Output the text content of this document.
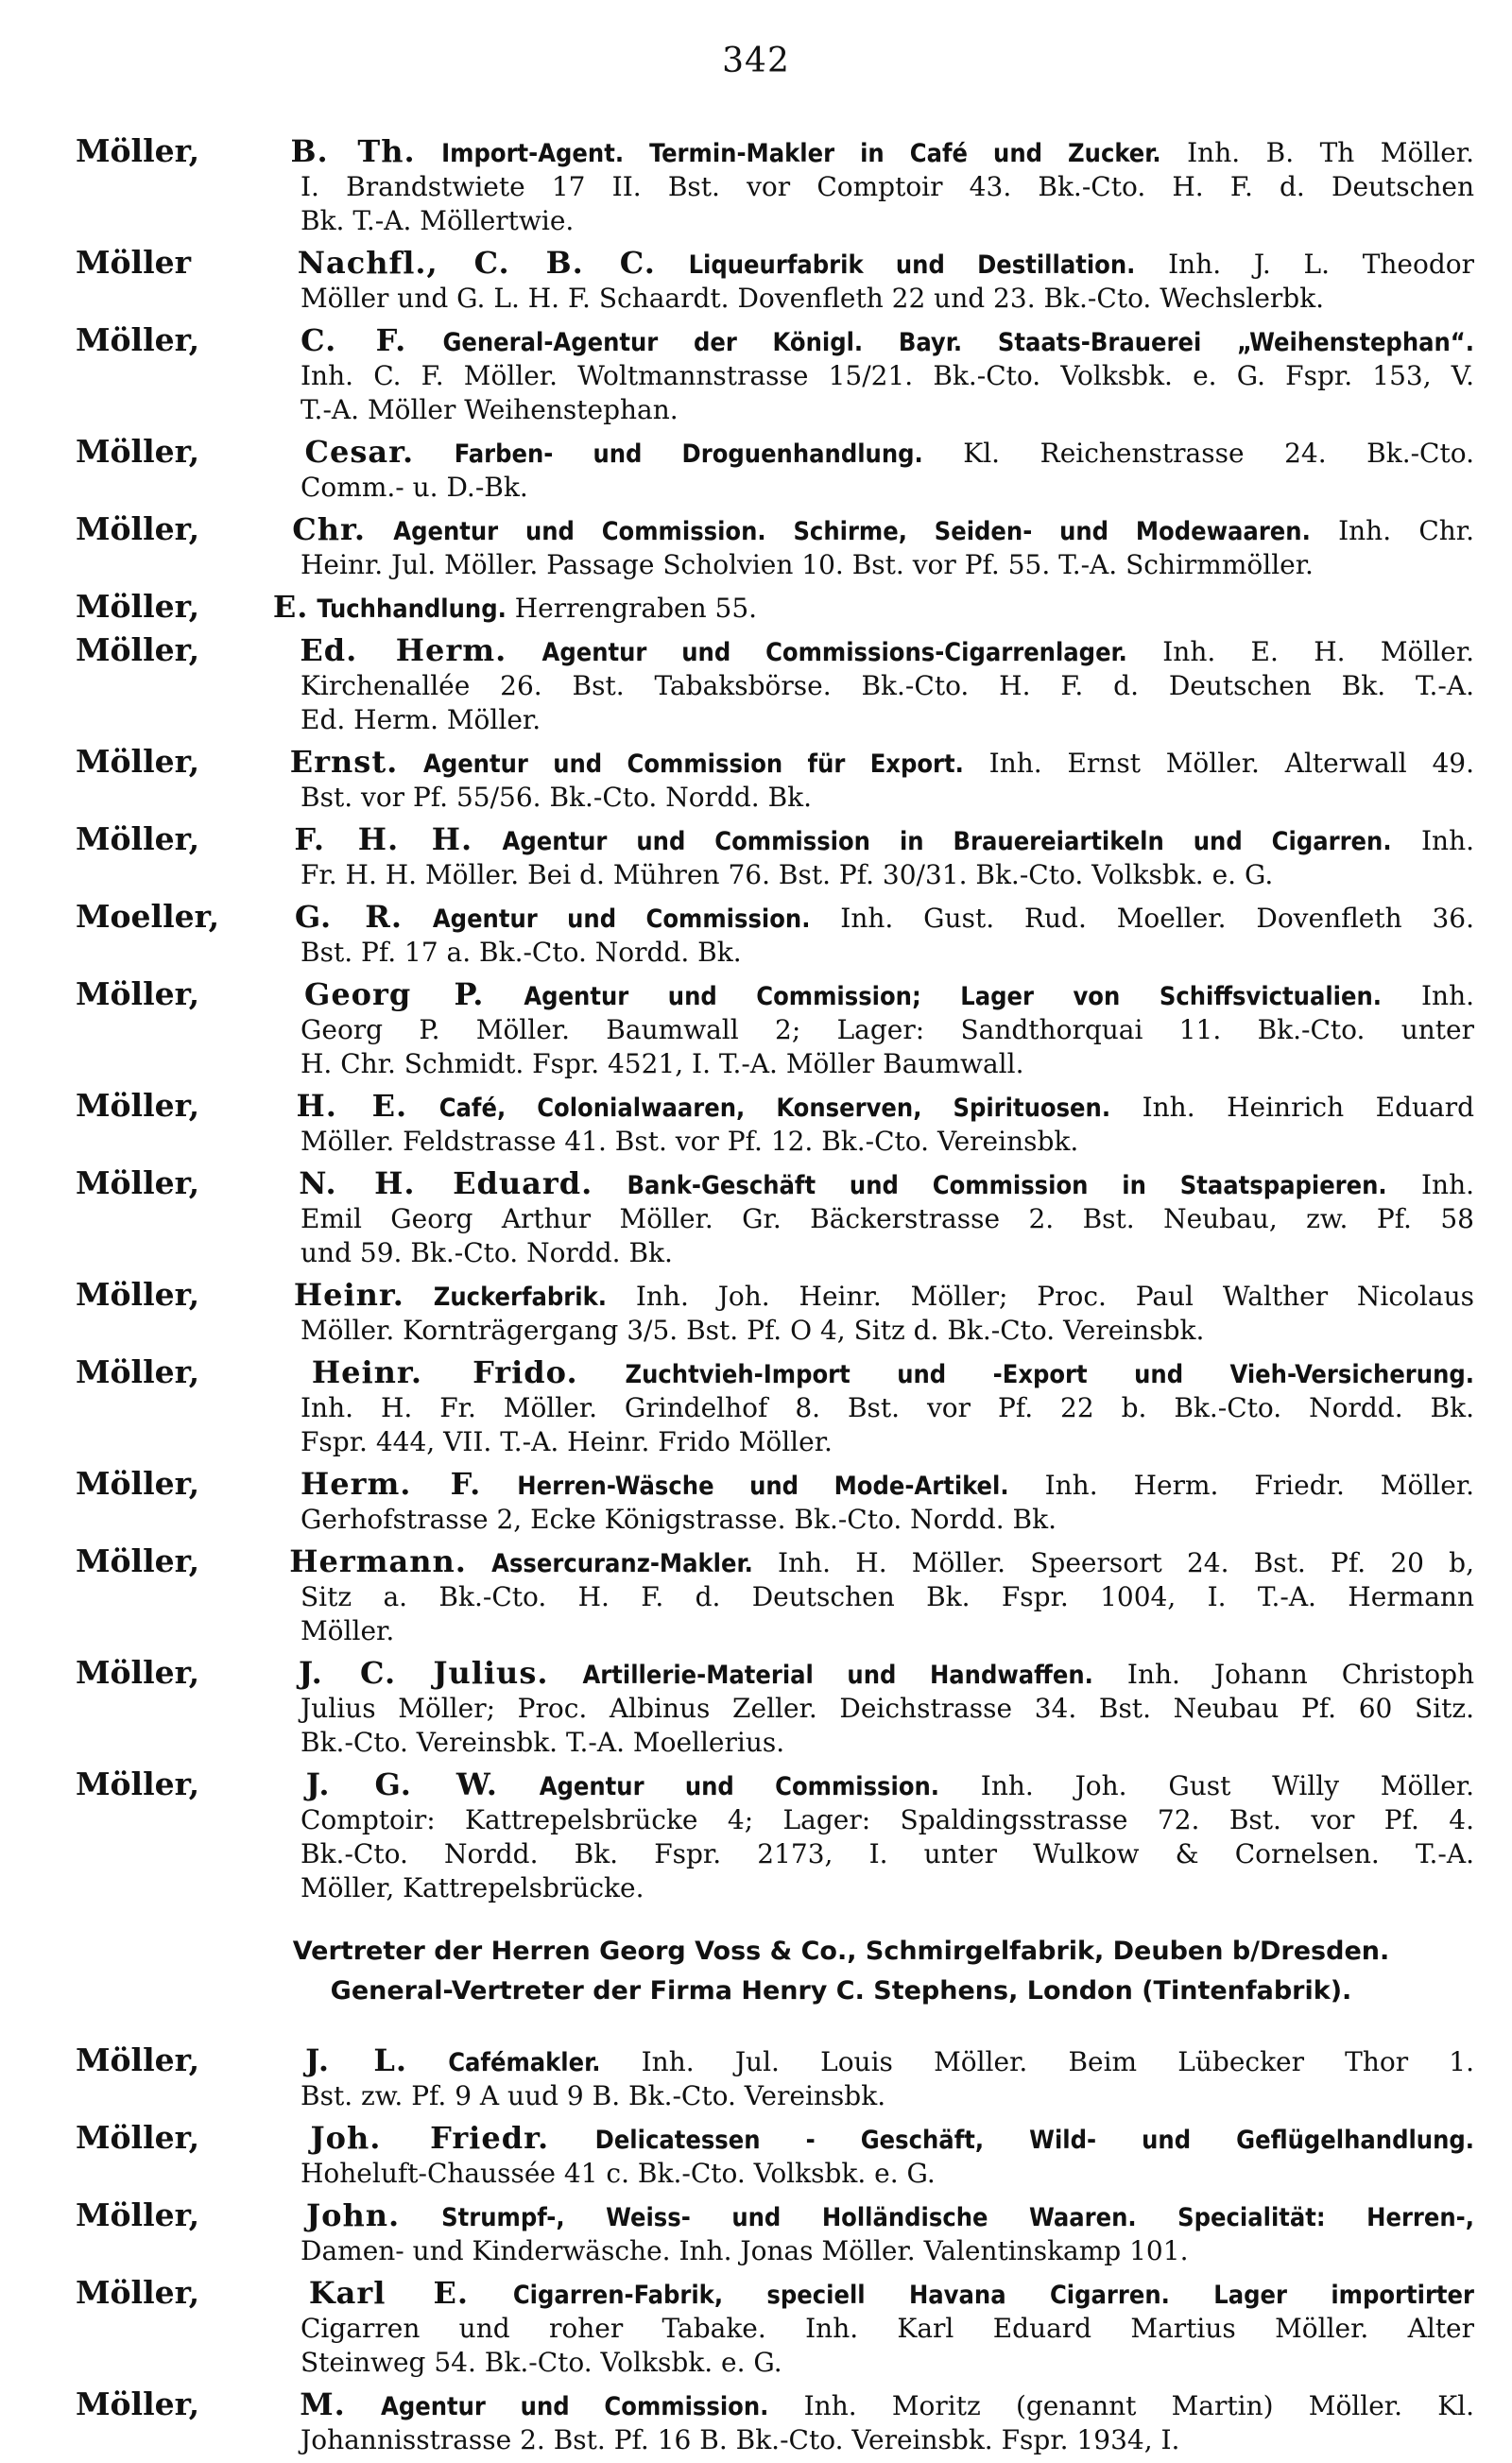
342
Möller,	B. Th. Import-Agent. Termin-Makler in Café und Zucker. Inh. B. Th Möller.
I. Brandstwiete 17 II. Bst. vor Comptoir 43. Bk.-Cto. H. F. d. Deutschen
Bk. T.-A. Möllertwie.
Möller	Nachfl., C. B. C. Liqueurfabrik und Destillation. Inh. J. L. Theodor
Möller und G. L. H. F. Schaardt. Dovenfleth 22 und 23. Bk.-Cto. Wechslerbk.
Möller,	C. F. General-Agentur der Königl. Bayr. Staats-Brauerei „Weihenstephan“.
Inh. C. F. Möller. Woltmannstrasse 15/21. Bk.-Cto. Volksbk. e. G. Fspr. 153, V.
T.-A. Möller Weihenstephan.
Möller,	Cesar. Farben- und Droguenhandlung. Kl. Reichenstrasse 24. Bk.-Cto.
Comm.- u. D.-Bk.
Möller,	Chr. Agentur und Commission. Schirme, Seiden- und Modewaaren. Inh. Chr.
Heinr. Jul. Möller. Passage Scholvien 10. Bst. vor Pf. 55. T.-A. Schirmmöller.
Möller, E. Tuchhandlung. Herrengraben 55.
Möller,	Ed. Herm. Agentur und Commissions-Cigarrenlager. Inh. E. H. Möller.
Kirchenallée 26. Bst. Tabaksbörse. Bk.-Cto. H. F. d. Deutschen Bk. T.-A.
Ed. Herm. Möller.
Möller,	Ernst. Agentur und Commission für Export. Inh. Ernst Möller. Alterwall 49.
Bst. vor Pf. 55/56. Bk.-Cto. Nordd. Bk.
Möller,	F. H. H. Agentur und Commission in Brauereiartikeln und Cigarren. Inh.
Fr. H. H. Möller. Bei d. Mühren 76. Bst. Pf. 30/31. Bk.-Cto. Volksbk. e. G.
Moeller, G. R. Agentur und Commission. Inh. Gust. Rud. Moeller. Dovenfleth 36.
Bst. Pf. 17 a. Bk.-Cto. Nordd. Bk.
Möller,	Georg P. Agentur und Commission; Lager von Schiffsvictualien. Inh.
Georg P. Möller. Baumwall 2; Lager: Sandthorquai 11. Bk.-Cto. unter
H. Chr. Schmidt. Fspr. 4521, I. T.-A. Möller Baumwall.
Möller,	H. E. Café, Colonialwaaren, Konserven, Spirituosen. Inh. Heinrich Eduard
Möller. Feldstrasse 41. Bst. vor Pf. 12. Bk.-Cto. Vereinsbk.
Möller,	N. H. Eduard. Bank-Geschäft und Commission in Staatspapieren. Inh.
Emil Georg Arthur Möller. Gr. Bäckerstrasse 2. Bst. Neubau, zw. Pf. 58
und 59. Bk.-Cto. Nordd. Bk.
Möller,	Heinr. Zuckerfabrik. Inh. Joh. Heinr. Möller; Proc. Paul Walther Nicolaus
Möller. Kornträgergang 3/5. Bst. Pf. O 4, Sitz d. Bk.-Cto. Vereinsbk.
Möller,	Heinr. Frido. Zuchtvieh-Import und -Export und Vieh-Versicherung.
Inh. H. Fr. Möller. Grindelhof 8. Bst. vor Pf. 22 b. Bk.-Cto. Nordd. Bk.
Fspr. 444, VII. T.-A. Heinr. Frido Möller.
Möller,	Herm. F. Herren-Wäsche und Mode-Artikel. Inh. Herm. Friedr. Möller.
Gerhofstrasse 2, Ecke Königstrasse. Bk.-Cto. Nordd. Bk.
Möller,	Hermann. Assercuranz-Makler. Inh. H. Möller. Speersort 24. Bst. Pf. 20 b,
Sitz a. Bk.-Cto. H. F. d. Deutschen Bk. Fspr. 1004, I. T.-A. Hermann
Möller.
Möller,	J. C. Julius. Artillerie-Material und Handwaffen. Inh. Johann Christoph
Julius Möller; Proc. Albinus Zeller. Deichstrasse 34. Bst. Neubau Pf. 60 Sitz.
Bk.-Cto. Vereinsbk. T.-A. Moellerius.
Möller,	J. G. W. Agentur und Commission. Inh. Joh. Gust Willy Möller.
Comptoir: Kattrepelsbrücke 4; Lager: Spaldingsstrasse 72. Bst. vor Pf. 4.
Bk.-Cto. Nordd. Bk. Fspr. 2173, I. unter Wulkow & Cornelsen. T.-A.
Möller, Kattrepelsbrücke.
Vertreter der Herren Georg Voss & Co., Schmirgelfabrik, Deuben b/Dresden.
General-Vertreter der Firma Henry C. Stephens, London (Tintenfabrik).
Möller,	J. L. Cafémakler. Inh. Jul. Louis Möller. Beim Lübecker Thor 1.
Bst. zw. Pf. 9 A uud 9 B. Bk.-Cto. Vereinsbk.
Möller,	Joh. Friedr. Delicatessen - Geschäft, Wild- und Geflügelhandlung.
Hoheluft-Chaussée 41 c. Bk.-Cto. Volksbk. e. G.
Möller,	John. Strumpf-, Weiss- und Holländische Waaren. Specialität: Herren-,
Damen- und Kinderwäsche. Inh. Jonas Möller. Valentinskamp 101.
Möller,	Karl E. Cigarren-Fabrik, speciell Havana Cigarren. Lager importirter
Cigarren und roher Tabake. Inh. Karl Eduard Martius Möller. Alter
Steinweg 54. Bk.-Cto. Volksbk. e. G.
Möller,	M. Agentur und Commission. Inh. Moritz (genannt Martin) Möller. Kl.
Johannisstrasse 2. Bst. Pf. 16 B. Bk.-Cto. Vereinsbk. Fspr. 1934, I.
